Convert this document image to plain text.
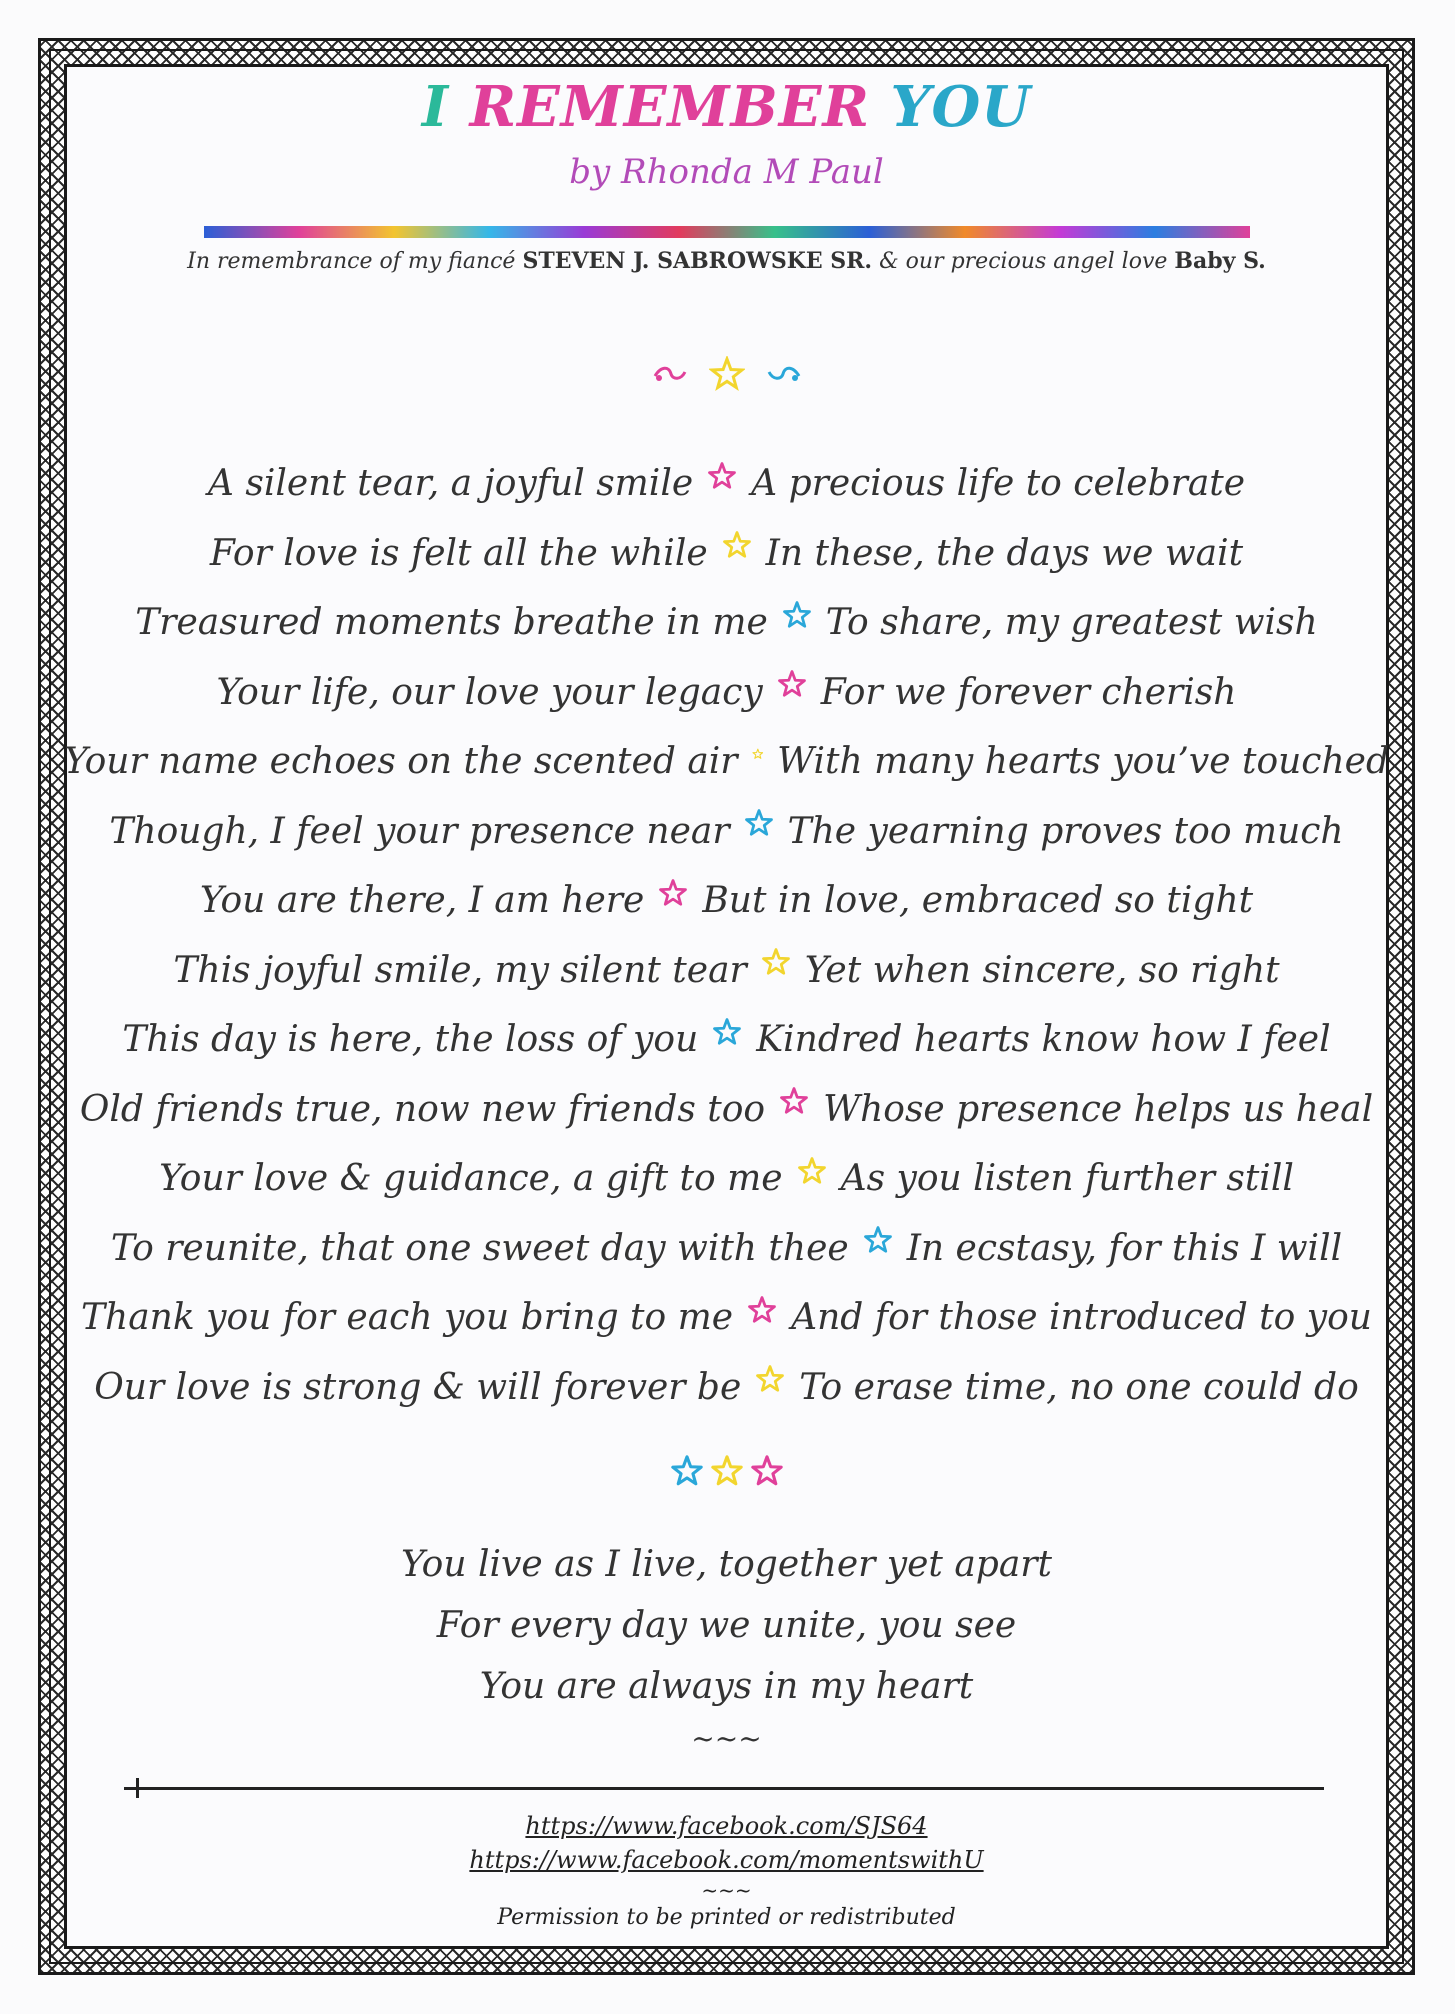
I REMEMBER YOU
by Rhonda M Paul
In remembrance of my fiancé STEVEN J. SABROWSKE SR. & our precious angel love Baby S.
A silent tear, a joyful smile A precious life to celebrate
For love is felt all the while In these, the days we wait
Treasured moments breathe in me To share, my greatest wish
Your life, our love your legacy For we forever cherish
Your name echoes on the scented air With many hearts you’ve touched
Though, I feel your presence near The yearning proves too much
You are there, I am here But in love, embraced so tight
This joyful smile, my silent tear Yet when sincere, so right
This day is here, the loss of you Kindred hearts know how I feel
Old friends true, now new friends too Whose presence helps us heal
Your love & guidance, a gift to me As you listen further still
To reunite, that one sweet day with thee In ecstasy, for this I will
Thank you for each you bring to me And for those introduced to you
Our love is strong & will forever be To erase time, no one could do
You live as I live, together yet apart
For every day we unite, you see
You are always in my heart
~~~
https://www.facebook.com/SJS64
https://www.facebook.com/momentswithU
~~~
Permission to be printed or redistributed
